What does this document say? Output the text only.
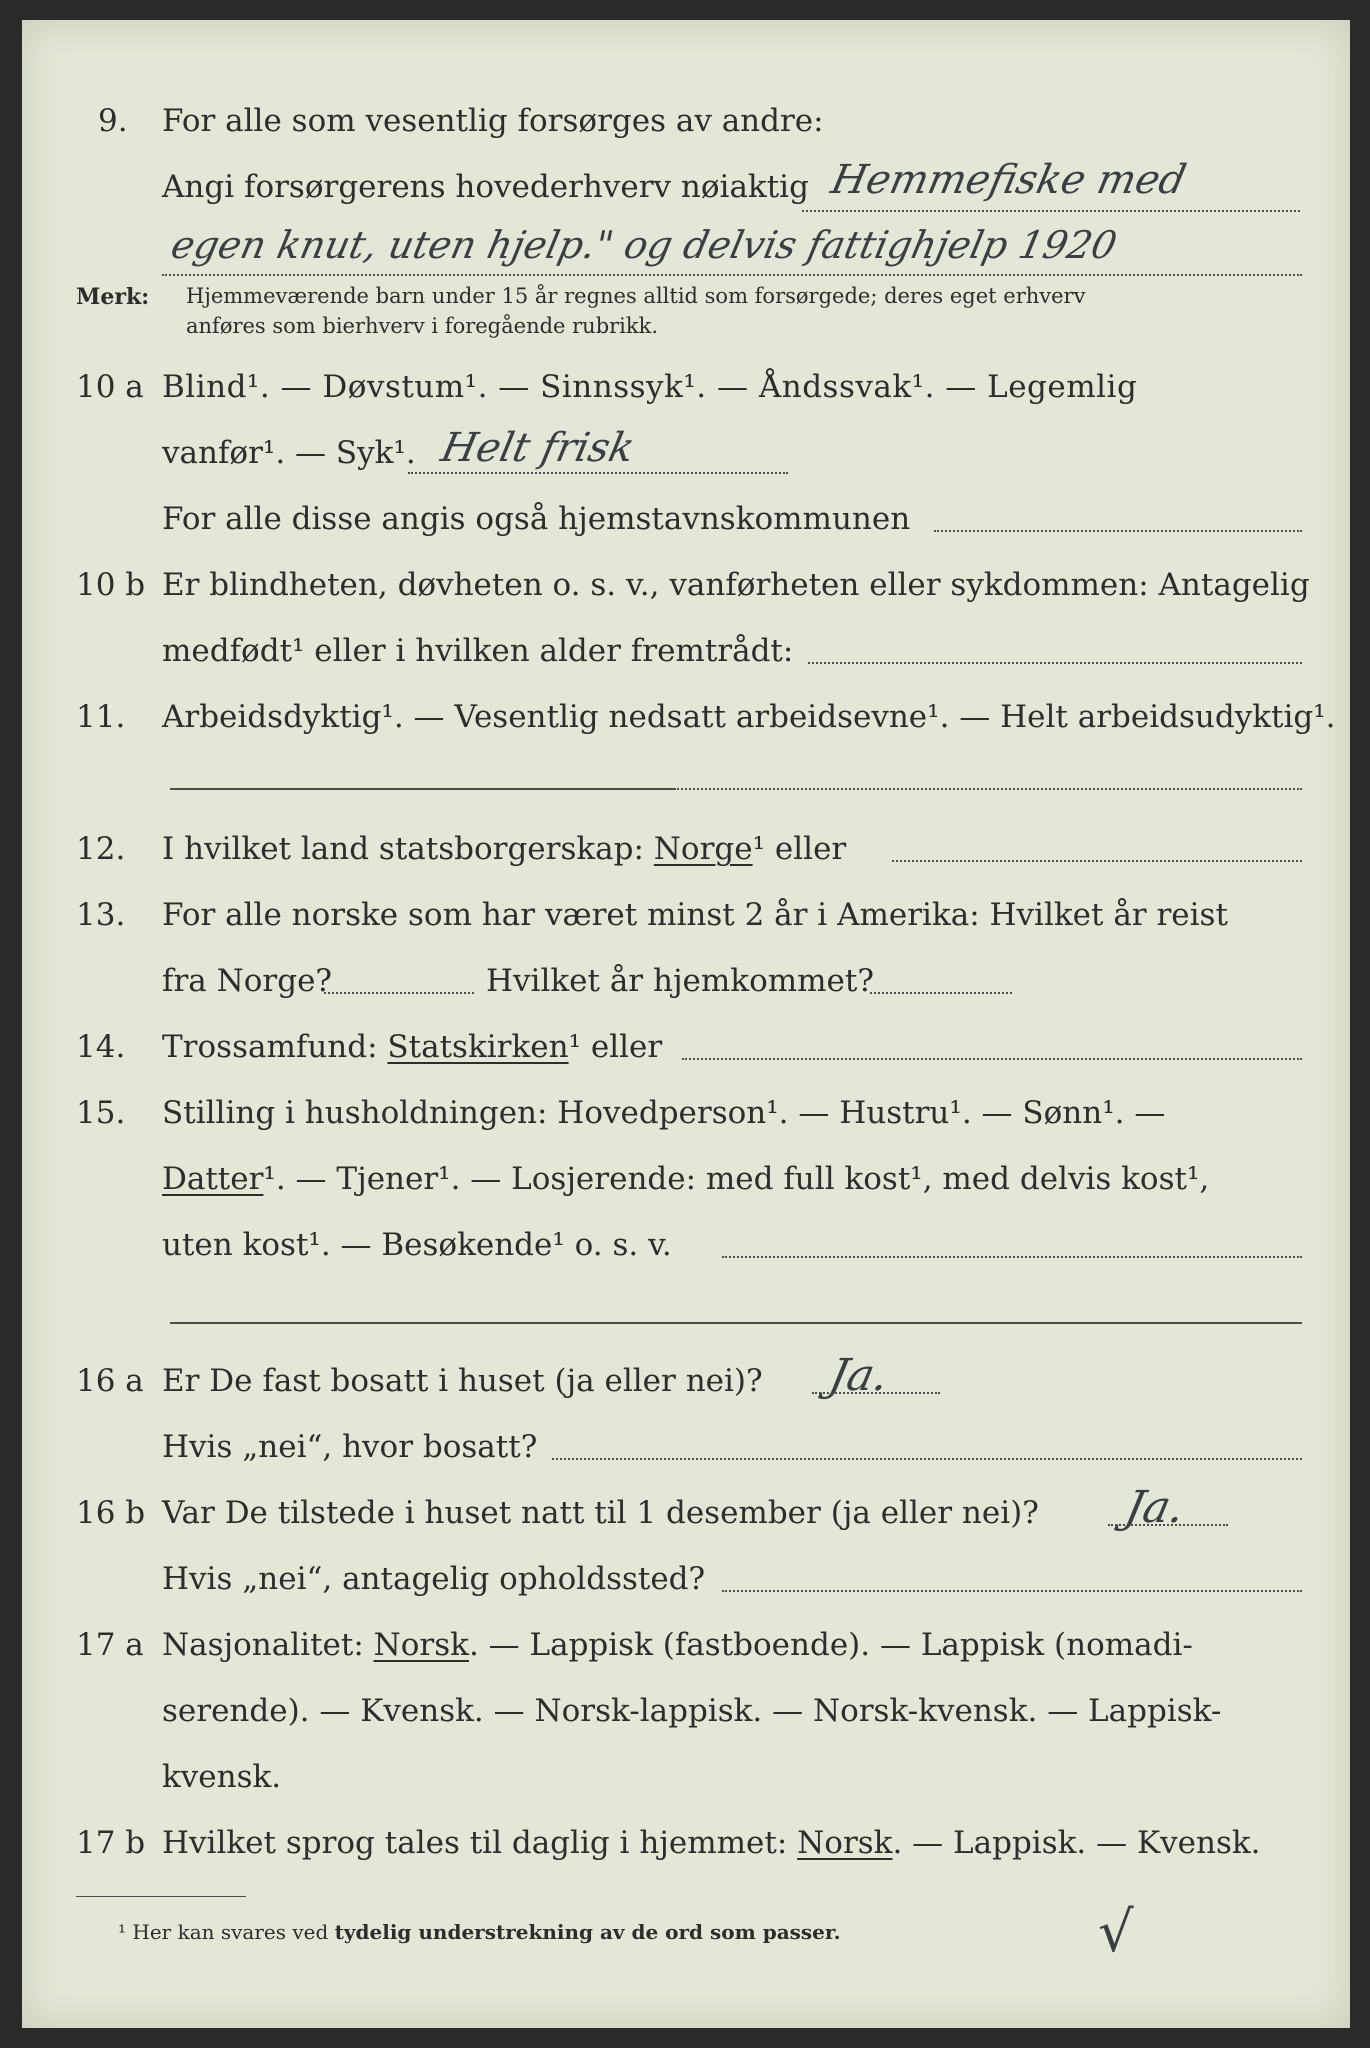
9. For alle som vesentlig forsørges av andre:
Angi forsørgerens hovederhverv nøiaktig Hemmefiske med
egen knut, uten hjelp." og delvis fattighjelp 1920
Merk: Hjemmeværende barn under 15 år regnes alltid som forsørgede; deres eget erhverv
anføres som bierhverv i foregående rubrikk.
10 a Blind¹. — Døvstum¹. — Sinnssyk¹. — Åndssvak¹. — Legemlig
vanfør¹. — Syk¹. Helt frisk
For alle disse angis også hjemstavnskommunen
10 b Er blindheten, døvheten o. s. v., vanførheten eller sykdommen: Antagelig
medfødt¹ eller i hvilken alder fremtrådt:
11. Arbeidsdyktig¹. — Vesentlig nedsatt arbeidsevne¹. — Helt arbeidsudyktig¹.
12. I hvilket land statsborgerskap: Norge¹ eller
13. For alle norske som har været minst 2 år i Amerika: Hvilket år reist
fra Norge?	Hvilket år hjemkommet?
14. Trossamfund: Statskirken¹ eller
15. Stilling i husholdningen: Hovedperson¹. — Hustru¹. — Sønn¹. —
Datter¹. — Tjener¹. — Losjerende: med full kost¹, med delvis kost¹,
uten kost¹. — Besøkende¹ o. s. v.
16 a Er De fast bosatt i huset (ja eller nei)? Ja.
Hvis „nei“, hvor bosatt?
16 b Var De tilstede i huset natt til 1 desember (ja eller nei)? Ja.
Hvis „nei“, antagelig opholdssted?
17 a Nasjonalitet: Norsk. — Lappisk (fastboende). — Lappisk (nomadi-
serende). — Kvensk. — Norsk-lappisk. — Norsk-kvensk. — Lappisk-
kvensk.
17 b Hvilket sprog tales til daglig i hjemmet: Norsk. — Lappisk. — Kvensk.
¹ Her kan svares ved tydelig understrekning av de ord som passer.	√
